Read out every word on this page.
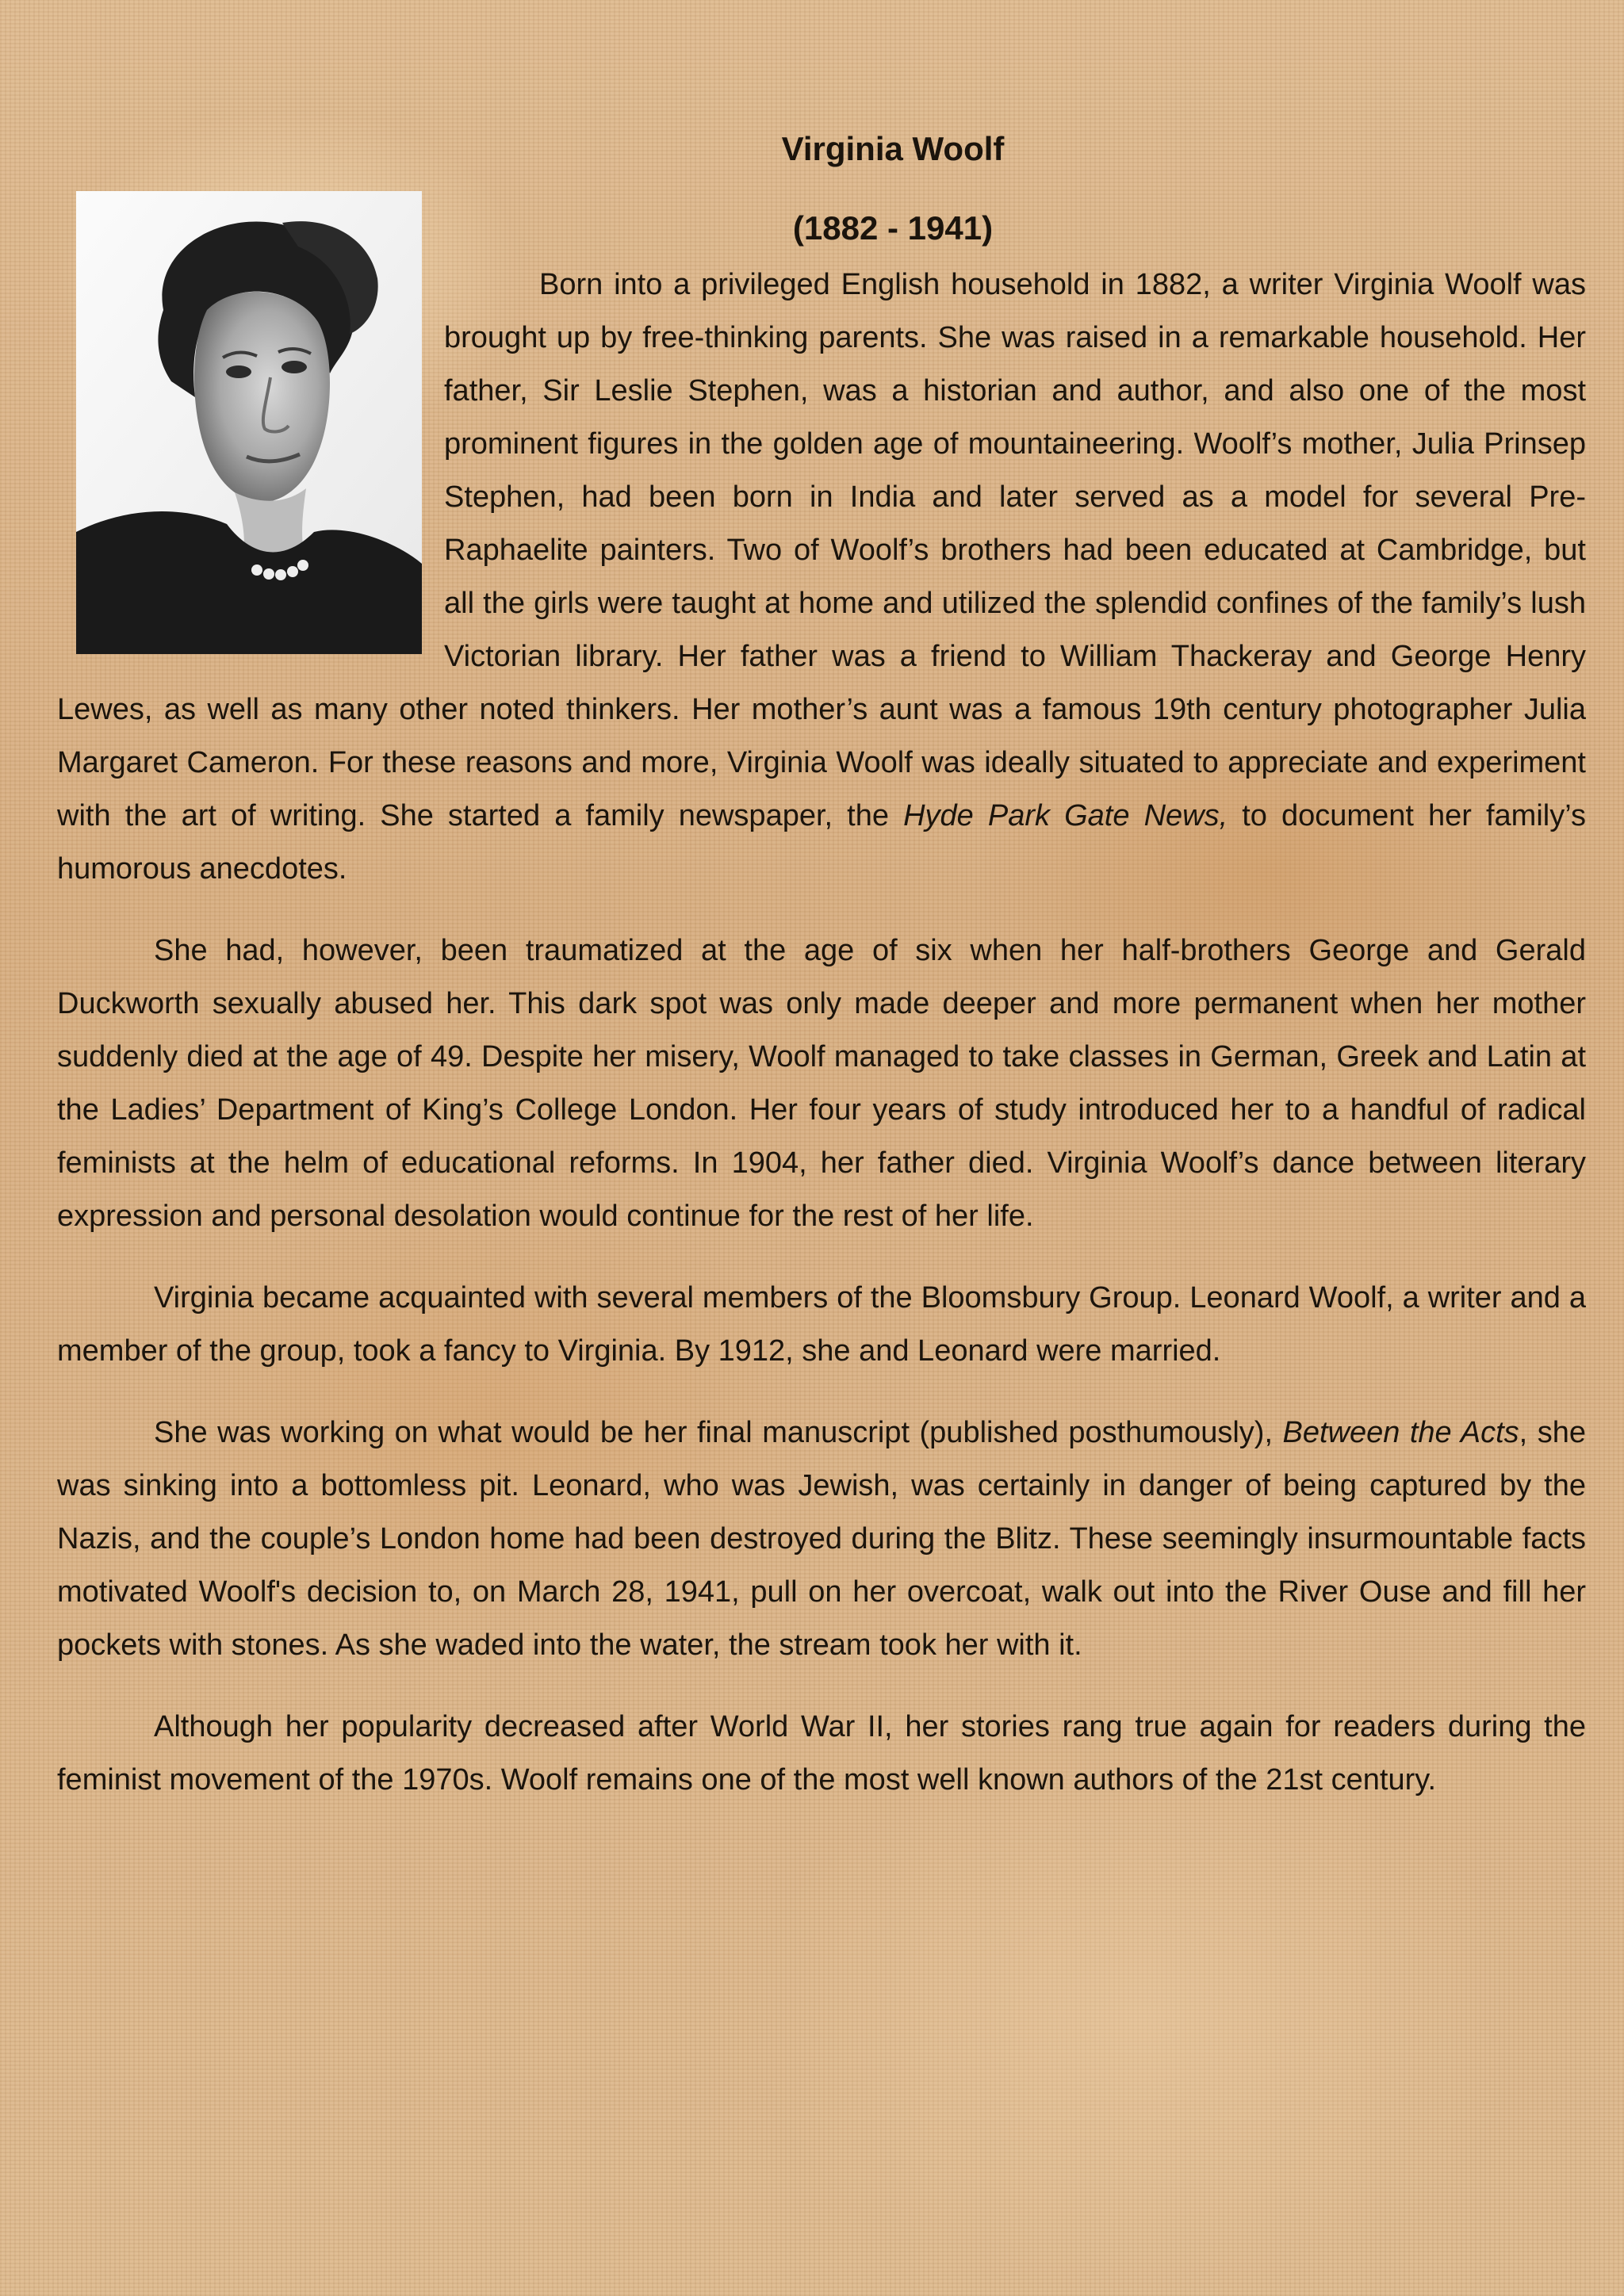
Virginia Woolf

(1882 - 1941)

Born into a privileged English household in 1882, a writer Virginia Woolf was brought up by free-thinking parents. She was raised in a remarkable household. Her father, Sir Leslie Stephen, was a historian and author, and also one of the most prominent figures in the golden age of mountaineering. Woolf’s mother, Julia Prinsep Stephen, had been born in India and later served as a model for several Pre-Raphaelite painters. Two of Woolf’s brothers had been educated at Cambridge, but all the girls were taught at home and utilized the splendid confines of the family’s lush Victorian library. Her father was a friend to William Thackeray and George Henry Lewes, as well as many other noted thinkers. Her mother’s aunt was a famous 19th century photographer Julia Margaret Cameron. For these reasons and more, Virginia Woolf was ideally situated to appreciate and experiment with the art of writing. She started a family newspaper, the Hyde Park Gate News, to document her family’s humorous anecdotes.

She had, however, been traumatized at the age of six when her half-brothers George and Gerald Duckworth sexually abused her. This dark spot was only made deeper and more permanent when her mother suddenly died at the age of 49. Despite her misery, Woolf managed to take classes in German, Greek and Latin at the Ladies’ Department of King’s College London. Her four years of study introduced her to a handful of radical feminists at the helm of educational reforms. In 1904, her father died. Virginia Woolf’s dance between literary expression and personal desolation would continue for the rest of her life.

Virginia became acquainted with several members of the Bloomsbury Group. Leonard Woolf, a writer and a member of the group, took a fancy to Virginia. By 1912, she and Leonard were married.

She was working on what would be her final manuscript (published posthumously), Between the Acts, she was sinking into a bottomless pit. Leonard, who was Jewish, was certainly in danger of being captured by the Nazis, and the couple’s London home had been destroyed during the Blitz. These seemingly insurmountable facts motivated Woolf's decision to, on March 28, 1941, pull on her overcoat, walk out into the River Ouse and fill her pockets with stones. As she waded into the water, the stream took her with it.

Although her popularity decreased after World War II, her stories rang true again for readers during the feminist movement of the 1970s. Woolf remains one of the most well known authors of the 21st century.
